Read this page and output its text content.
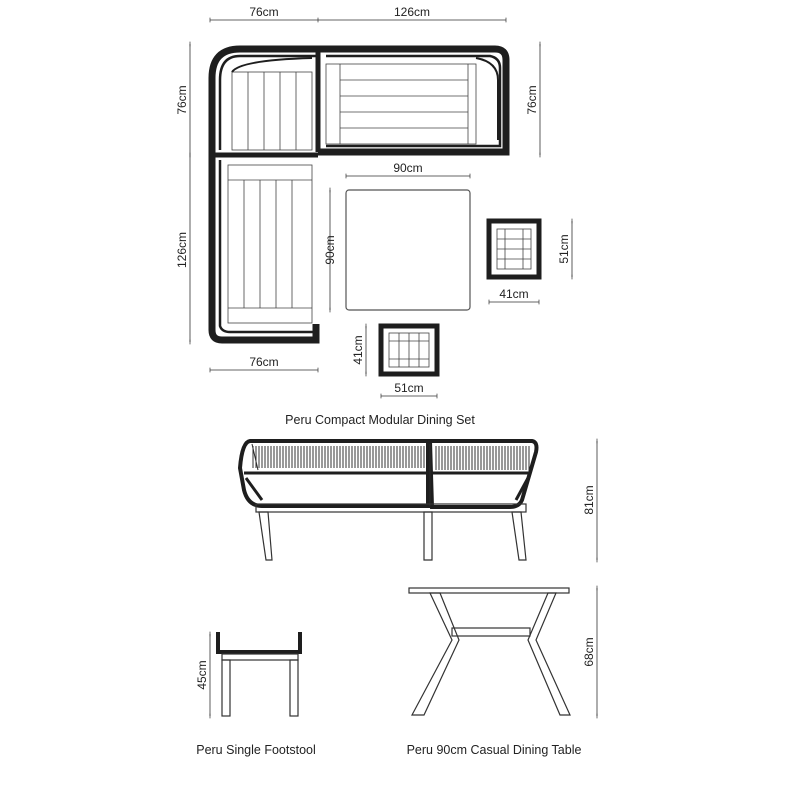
76cm	126cm
76cm
126cm
76cm
76cm
90cm
90cm	51cm
41cm
41cm
51cm
Peru Compact Modular Dining Set
81cm
45cm
Peru Single Footstool
68cm
Peru 90cm Casual Dining Table
